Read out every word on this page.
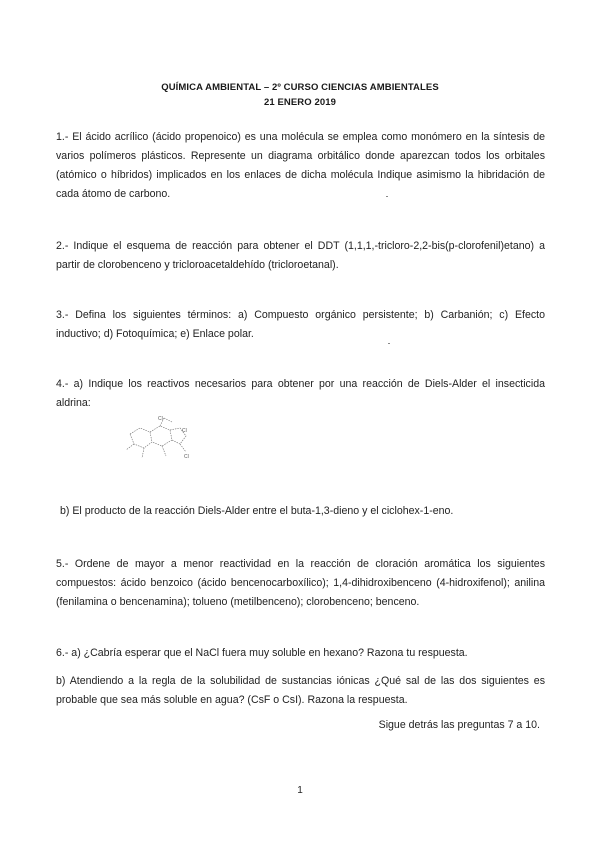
QUÍMICA AMBIENTAL – 2º CURSO CIENCIAS AMBIENTALES
21 ENERO 2019
1.- El ácido acrílico (ácido propenoico) es una molécula se emplea como monómero en la síntesis de varios polímeros plásticos. Represente un diagrama orbitálico donde aparezcan todos los orbitales (atómico o híbridos) implicados en los enlaces de dicha molécula Indique asimismo la hibridación de cada átomo de carbono.
2.- Indique el esquema de reacción para obtener el DDT (1,1,1,-tricloro-2,2-bis(p-clorofenil)etano) a partir de clorobenceno y tricloroacetaldehído (tricloroetanal).
3.- Defina los siguientes términos: a) Compuesto orgánico persistente; b) Carbanión; c) Efecto inductivo; d) Fotoquímica; e) Enlace polar.
4.- a) Indique los reactivos necesarios para obtener por una reacción de Diels-Alder el insecticida aldrina:
Cl
Cl
Cl
b) El producto de la reacción Diels-Alder entre el buta-1,3-dieno y el ciclohex-1-eno.
5.- Ordene de mayor a menor reactividad en la reacción de cloración aromática los siguientes compuestos: ácido benzoico (ácido bencenocarboxílico); 1,4-dihidroxibenceno (4-hidroxifenol); anilina (fenilamina o bencenamina); tolueno (metilbenceno); clorobenceno; benceno.
6.- a) ¿Cabría esperar que el NaCl fuera muy soluble en hexano? Razona tu respuesta.
b) Atendiendo a la regla de la solubilidad de sustancias iónicas ¿Qué sal de las dos siguientes es probable que sea más soluble en agua? (CsF o CsI). Razona la respuesta.
Sigue detrás las preguntas 7 a 10.
1
